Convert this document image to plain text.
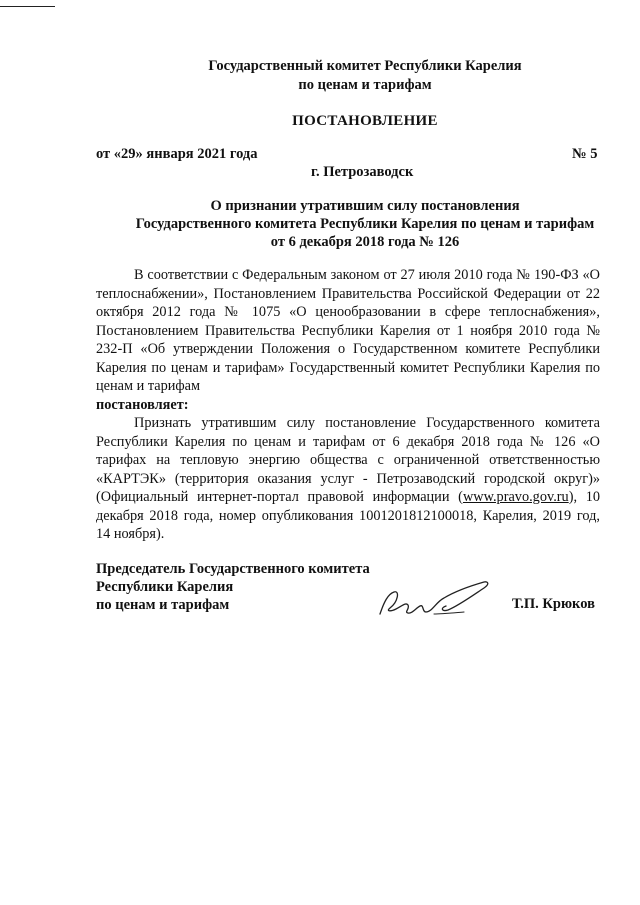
Государственный комитет Республики Карелия
по ценам и тарифам
ПОСТАНОВЛЕНИЕ
от «29» января 2021 года	№ 5
г. Петрозаводск
О признании утратившим силу постановления
Государственного комитета Республики Карелия по ценам и тарифам
от 6 декабря 2018 года № 126

В соответствии с Федеральным законом от 27 июля 2010 года № 190-ФЗ «О теплоснабжении», Постановлением Правительства Российской Федерации от 22 октября 2012 года № 1075 «О ценообразовании в сфере теплоснабжения», Постановлением Правительства Республики Карелия от 1 ноября 2010 года № 232-П «Об утверждении Положения о Государственном комитете Республики Карелия по ценам и тарифам» Государственный комитет Республики Карелия по ценам и тарифам

постановляет:

Признать утратившим силу постановление Государственного комитета Республики Карелия по ценам и тарифам от 6 декабря 2018 года № 126 «О тарифах на тепловую энергию общества с ограниченной ответственностью «КАРТЭК» (территория оказания услуг - Петрозаводский городской округ)» (Официальный интернет-портал правовой информации (www.pravo.gov.ru), 10 декабря 2018 года, номер опубликования 1001201812100018, Карелия, 2019 год, 14 ноября).

Председатель Государственного комитета
Республики Карелия
по ценам и тарифам	Т.П. Крюков
